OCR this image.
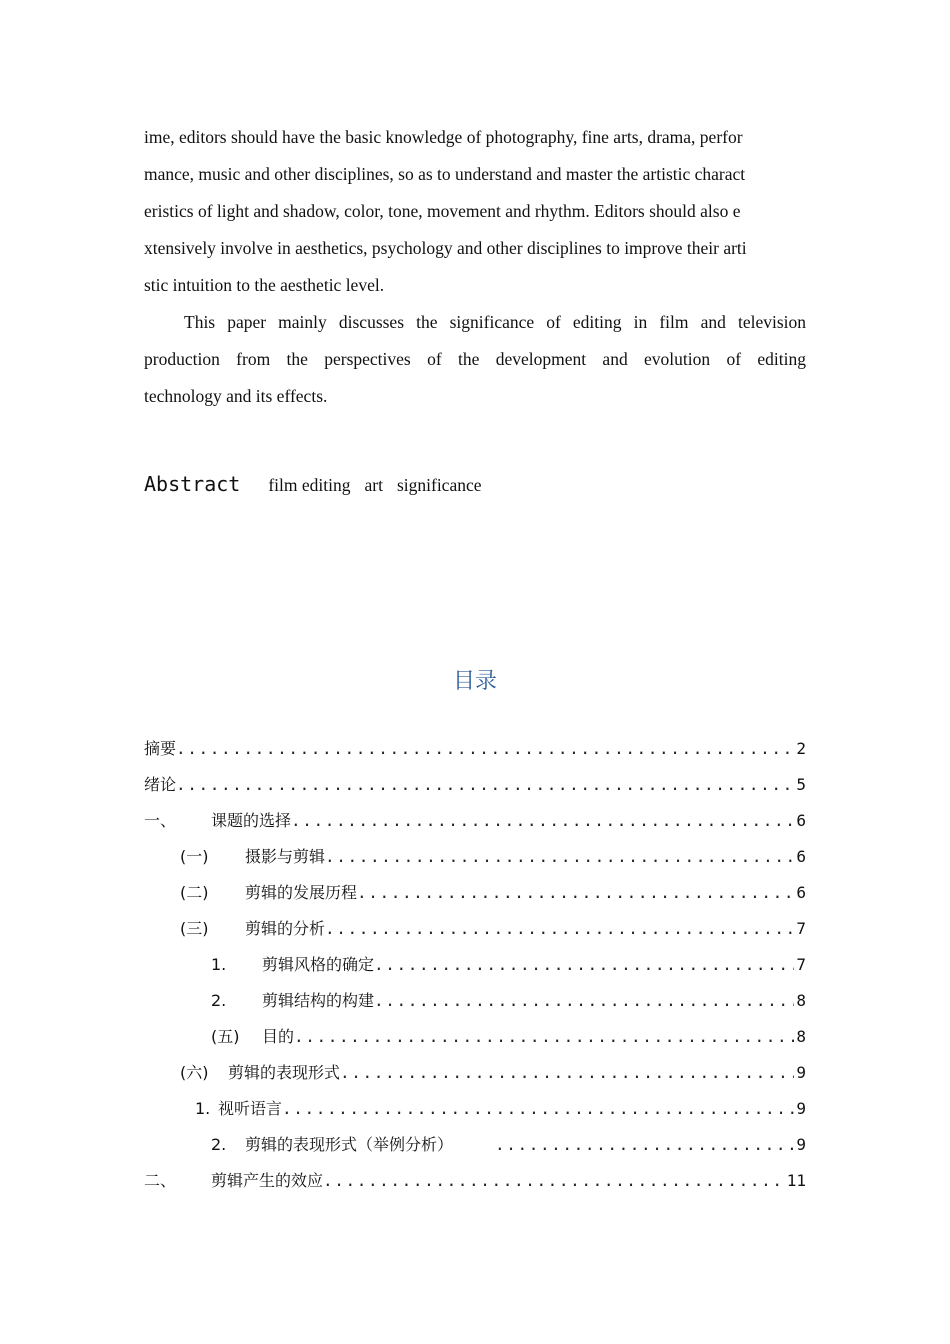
ime, editors should have the basic knowledge of photography, fine arts, drama, perfor
mance, music and other disciplines, so as to understand and master the artistic charact
eristics of light and shadow, color, tone, movement and rhythm. Editors should also e
xtensively involve in aesthetics, psychology and other disciplines to improve their arti
stic intuition to the aesthetic level.
This paper mainly discusses the significance of editing in film and television
production from the perspectives of the development and evolution of editing
technology and its effects.
Abstract film editing art significance
目录
摘要 .....	2
绪论 .....	5
一、	课题的选择 .....	6
(一)	摄影与剪辑 .....	6
(二)	剪辑的发展历程 .....	6
(三)	剪辑的分析 .....	7
1.	剪辑风格的确定 .....	7
2.	剪辑结构的构建 .....	8
(五)	目的 .....	8
(六)	剪辑的表现形式 .....	9
1. 视听语言 .....	9
2.	剪辑的表现形式（举例分析） .....	9
二、	剪辑产生的效应 .....	11
